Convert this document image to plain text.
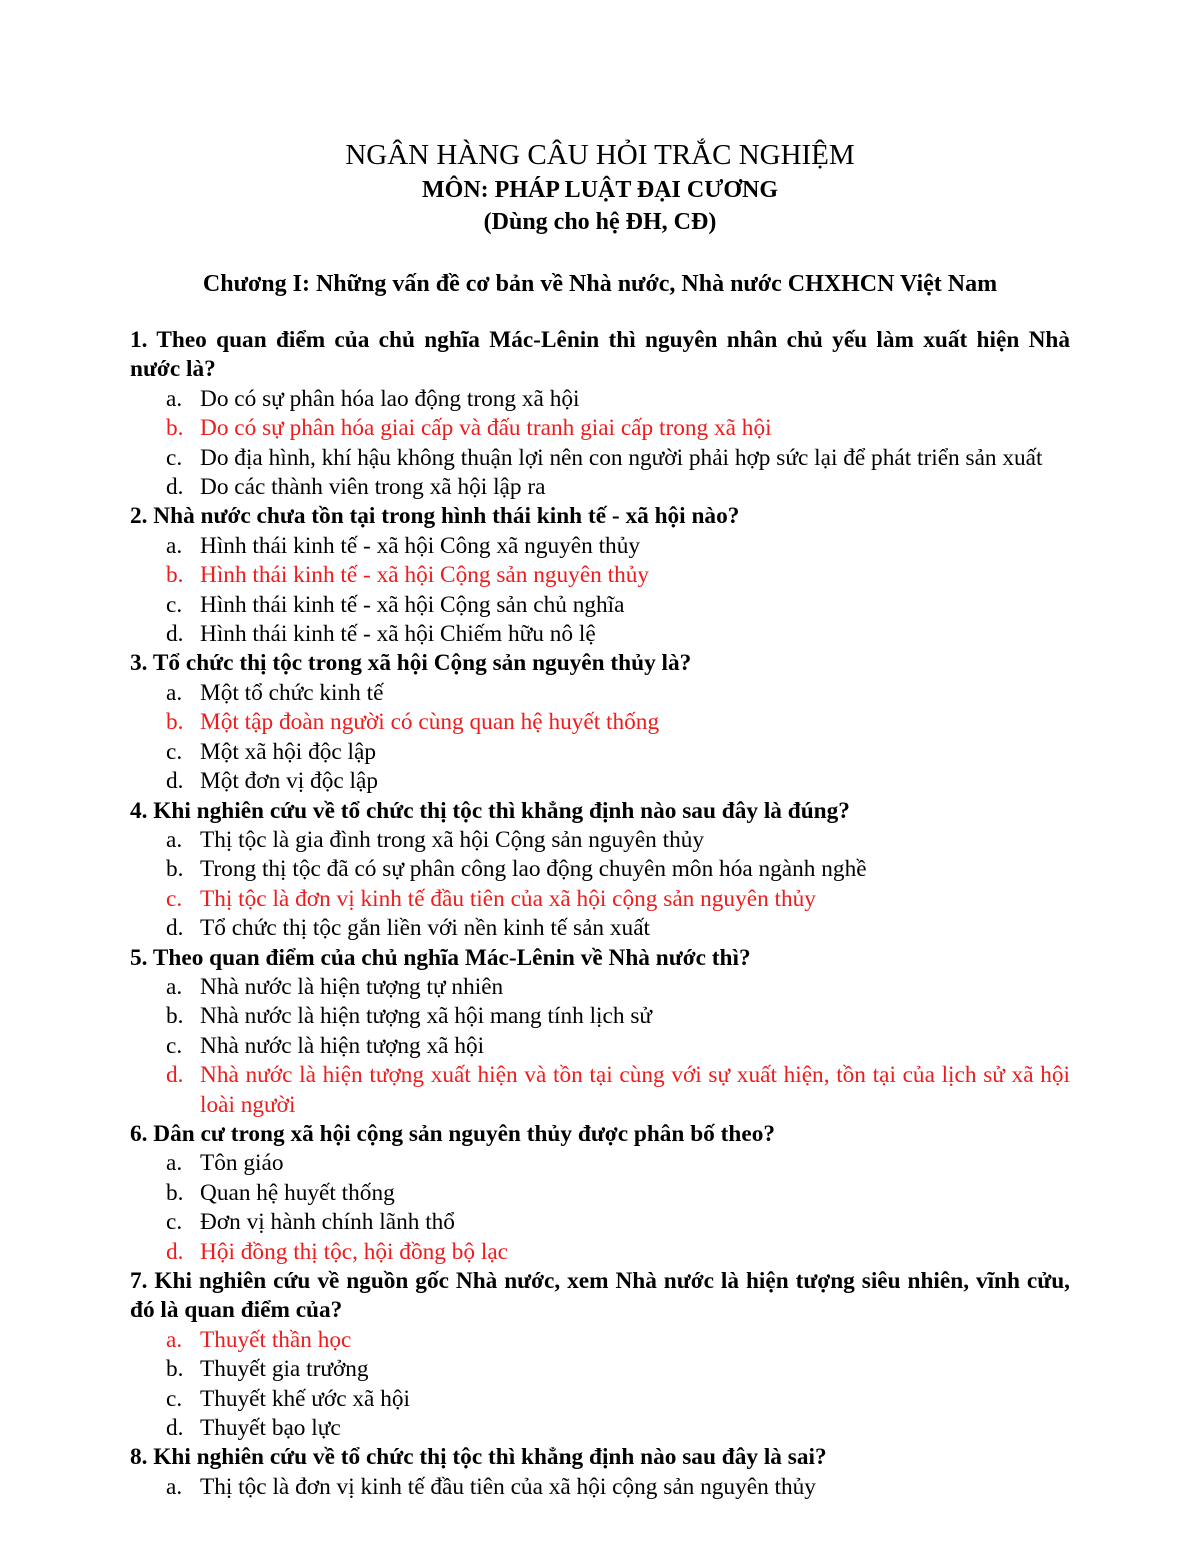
NGÂN HÀNG CÂU HỎI TRẮC NGHIỆM
MÔN: PHÁP LUẬT ĐẠI CƯƠNG
(Dùng cho hệ ĐH, CĐ)
Chương I: Những vấn đề cơ bản về Nhà nước, Nhà nước CHXHCN Việt Nam

1. Theo quan điểm của chủ nghĩa Mác-Lênin thì nguyên nhân chủ yếu làm xuất hiện Nhà nước là?

a. Do có sự phân hóa lao động trong xã hội
b. Do có sự phân hóa giai cấp và đấu tranh giai cấp trong xã hội
c. Do địa hình, khí hậu không thuận lợi nên con người phải hợp sức lại để phát triển sản xuất
d. Do các thành viên trong xã hội lập ra

2. Nhà nước chưa tồn tại trong hình thái kinh tế - xã hội nào?

a. Hình thái kinh tế - xã hội Công xã nguyên thủy
b. Hình thái kinh tế - xã hội Cộng sản nguyên thủy
c. Hình thái kinh tế - xã hội Cộng sản chủ nghĩa
d. Hình thái kinh tế - xã hội Chiếm hữu nô lệ

3. Tổ chức thị tộc trong xã hội Cộng sản nguyên thủy là?

a. Một tổ chức kinh tế
b. Một tập đoàn người có cùng quan hệ huyết thống
c. Một xã hội độc lập
d. Một đơn vị độc lập

4. Khi nghiên cứu về tổ chức thị tộc thì khẳng định nào sau đây là đúng?

a. Thị tộc là gia đình trong xã hội Cộng sản nguyên thủy
b. Trong thị tộc đã có sự phân công lao động chuyên môn hóa ngành nghề
c. Thị tộc là đơn vị kinh tế đầu tiên của xã hội cộng sản nguyên thủy
d. Tổ chức thị tộc gắn liền với nền kinh tế sản xuất

5. Theo quan điểm của chủ nghĩa Mác-Lênin về Nhà nước thì?

a. Nhà nước là hiện tượng tự nhiên
b. Nhà nước là hiện tượng xã hội mang tính lịch sử
c. Nhà nước là hiện tượng xã hội
d. Nhà nước là hiện tượng xuất hiện và tồn tại cùng với sự xuất hiện, tồn tại của lịch sử xã hội loài người

6. Dân cư trong xã hội cộng sản nguyên thủy được phân bố theo?

a. Tôn giáo
b. Quan hệ huyết thống
c. Đơn vị hành chính lãnh thổ
d. Hội đồng thị tộc, hội đồng bộ lạc

7. Khi nghiên cứu về nguồn gốc Nhà nước, xem Nhà nước là hiện tượng siêu nhiên, vĩnh cửu, đó là quan điểm của?

a. Thuyết thần học
b. Thuyết gia trưởng
c. Thuyết khế ước xã hội
d. Thuyết bạo lực

8. Khi nghiên cứu về tổ chức thị tộc thì khẳng định nào sau đây là sai?

a. Thị tộc là đơn vị kinh tế đầu tiên của xã hội cộng sản nguyên thủy
